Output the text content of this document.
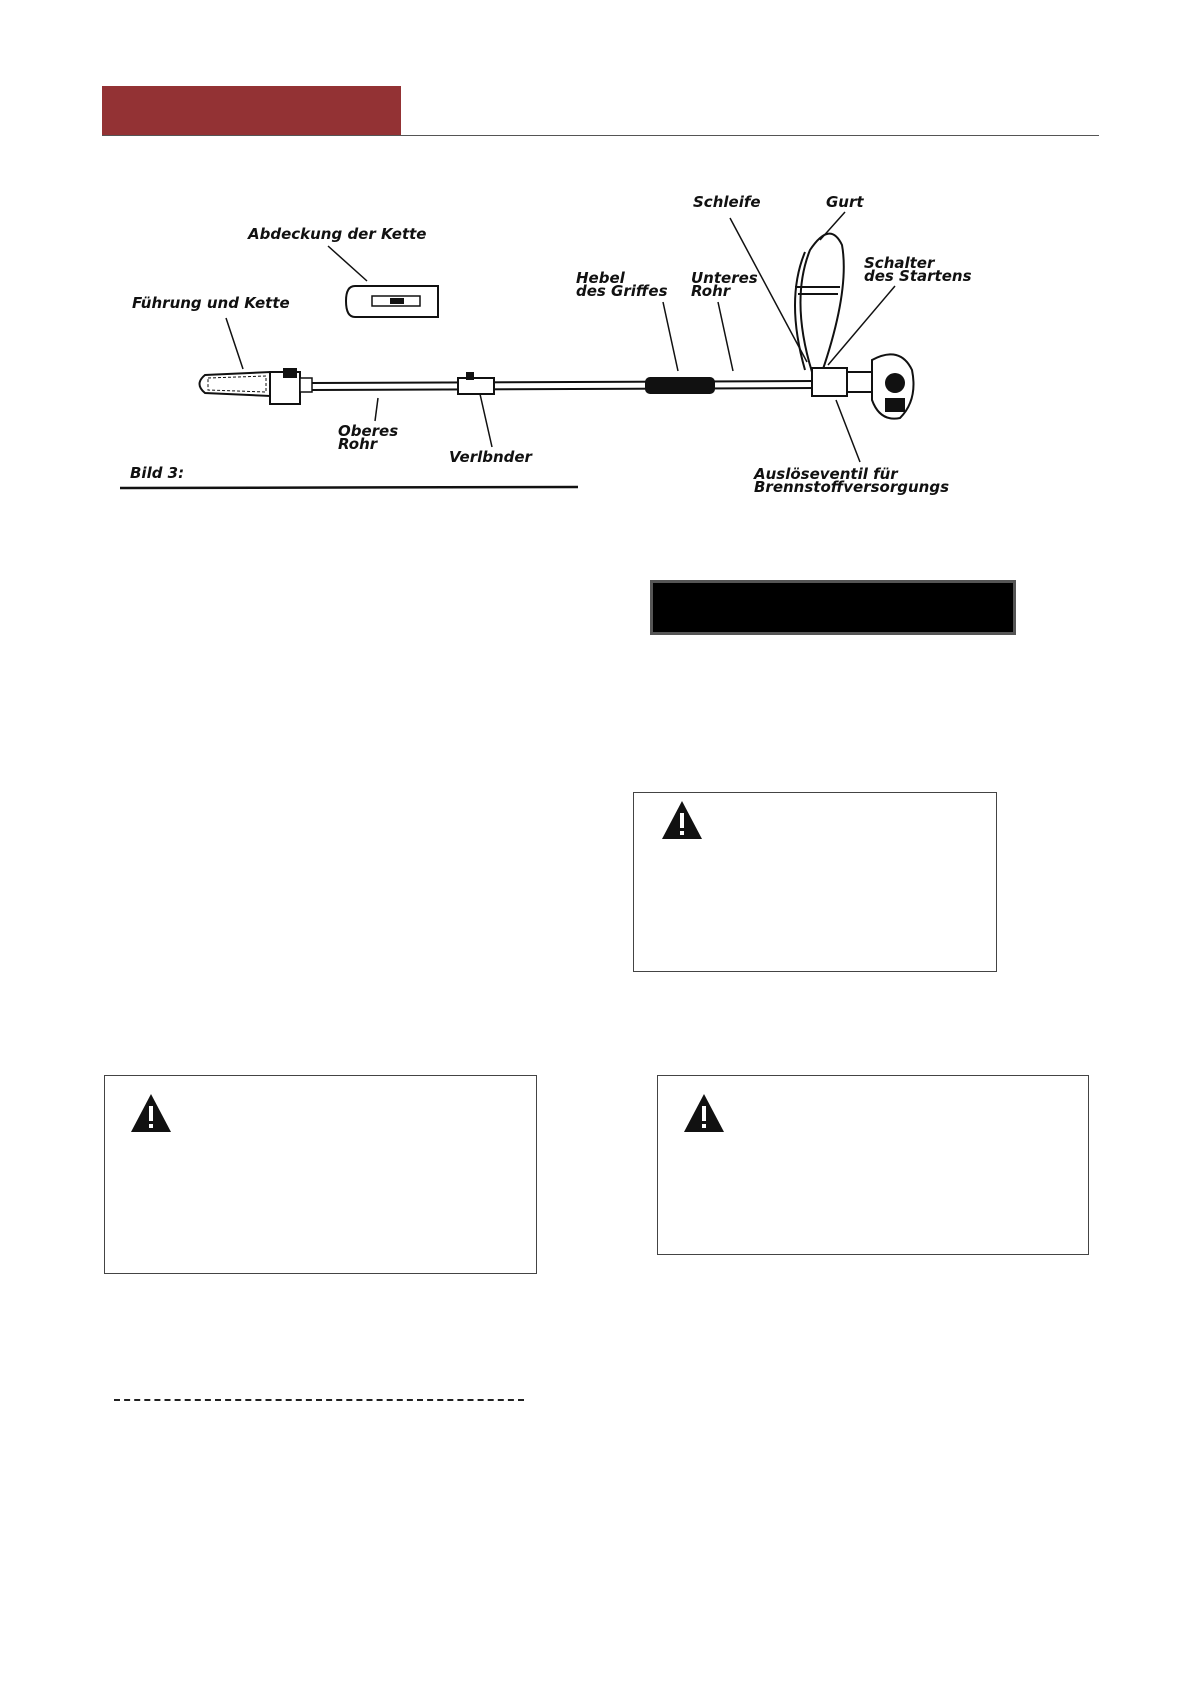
Abdeckung der Kette
Führung und Kette
Oberes
Rohr
Verlbnder
Hebel
des Griffes
Unteres
Rohr
Schleife	Gurt
Schalter
des Startens
Auslöseventil für
Brennstoffversorgungs
Bild 3:
